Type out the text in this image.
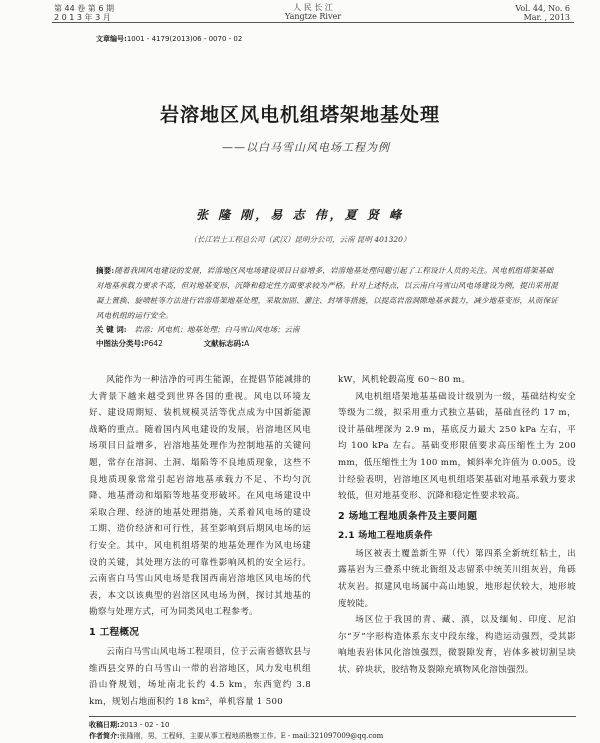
第 44 卷 第 6 期
2 0 1 3 年 3 月
人 民 长 江
Yangtze River
Vol. 44, No. 6
Mar. , 2013
文章编号:1001 - 4179(2013)06 - 0070 - 02
岩溶地区风电机组塔架地基处理
——以白马雪山风电场工程为例
张 隆 刚，易 志 伟，夏 贤 峰
（长江岩土工程总公司（武汉）昆明分公司，云南 昆明 401320）
摘要:随着我国风电建设的发展，岩溶地区风电场建设项目日益增多，岩溶地基处理问题引起了工程设计人员的关注。风电机组塔架基础对地基承载力要求不高，但对地基变形、沉降和稳定性方面要求较为严格。针对上述特点，以云南白马雪山风电场建设为例，提出采用混凝土置换、旋喷桩等方法进行岩溶塔架地基处理，采取加固、灌注、封堵等措施，以提高岩溶洞隙地基承载力，减少地基变形，从而保证风电机组的运行安全。
关 键 词: 岩溶；风电机；地基处理；白马雪山风电场；云南
中图法分类号:P642	文献标志码:A

风能作为一种洁净的可再生能源，在提倡节能减排的大背景下越来越受到世界各国的重视。风电以环境友好、建设周期短、装机规模灵活等优点成为中国新能源战略的重点。随着国内风电建设的发展，岩溶地区风电场项目日益增多，岩溶地基处理作为控制地基的关键问题，常存在溶洞、土洞、塌陷等不良地质现象，这些不良地质现象常常引起岩溶地基承载力不足、不均匀沉降、地基滑动和塌陷等地基变形破坏。在风电场建设中采取合理、经济的地基处理措施，关系着风电场的建设工期、造价经济和可行性，甚至影响到后期风电场的运行安全。其中，风电机组塔架的地基处理作为风电场建设的关键，其处理方法的可靠性影响风机的安全运行。云南省白马雪山风电场是我国西南岩溶地区风电场的代表，本文以该典型的岩溶区风电场为例，探讨其地基的勘察与处理方式，可为同类风电工程参考。

1 工程概况

云南白马雪山风电场工程项目，位于云南省德钦县与维西县交界的白马雪山一带的岩溶地区，风力发电机组沿山脊规划，场址南北长约 4.5 km，东西宽约 3.8 km，规划占地面积约 18 km²，单机容量 1 500

kW，风机轮毂高度 60～80 m。

风电机组塔架地基基础设计级别为一级，基础结构安全等级为二级，拟采用重力式独立基础，基础直径约 17 m，设计基础埋深为 2.9 m，基底反力最大 250 kPa 左右，平均 100 kPa 左右。基础变形限值要求高压缩性土为 200 mm，低压缩性土为 100 mm，倾斜率允许值为 0.005。设计经验表明，岩溶地区风电机组塔架基础对地基承载力要求较低，但对地基变形、沉降和稳定性要求较高。

2 场地工程地质条件及主要问题
2.1 场地工程地质条件

场区被表土覆盖新生界（代）第四系全新统红粘土，出露基岩为三叠系中统北衙组及志留系中统芙川组灰岩，角砾状灰岩。拟建风电场属中高山地貌，地形起伏较大，地形坡度较陡。

场区位于我国的青、藏、滇，以及缅甸、印度、尼泊尔“歹”字形构造体系东支中段东缘，构造运动强烈，受其影响地表岩体风化溶蚀强烈，微裂隙发育，岩体多被切割呈块状、碎块状，胶结物及裂隙充填物风化溶蚀强烈。

收稿日期:2013 - 02 - 10
作者简介:张隆刚，男，工程师，主要从事工程地质勘察工作。E - mail:321097009@qq.com
